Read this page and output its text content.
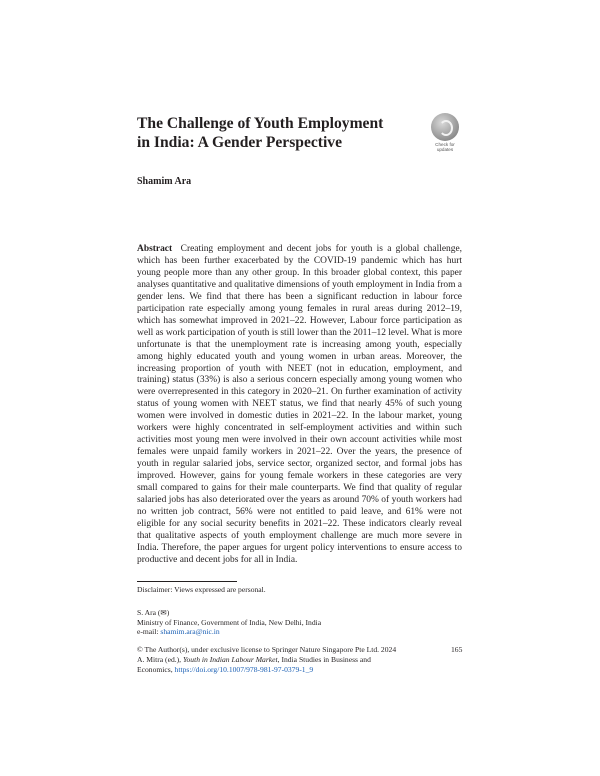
The Challenge of Youth Employment
in India: A Gender Perspective	Check for
updates

Shamim Ara

Abstract Creating employment and decent jobs for youth is a global challenge, which has been further exacerbated by the COVID-19 pandemic which has hurt young people more than any other group. In this broader global context, this paper analyses quantitative and qualitative dimensions of youth employment in India from a gender lens. We find that there has been a significant reduction in labour force participation rate especially among young females in rural areas during 2012–19, which has somewhat improved in 2021–22. However, Labour force participation as well as work participation of youth is still lower than the 2011–12 level. What is more unfortunate is that the unemployment rate is increasing among youth, especially among highly educated youth and young women in urban areas. Moreover, the increasing proportion of youth with NEET (not in education, employment, and training) status (33%) is also a serious concern especially among young women who were overrepresented in this category in 2020–21. On further examination of activity status of young women with NEET status, we find that nearly 45% of such young women were involved in domestic duties in 2021–22. In the labour market, young workers were highly concentrated in self-employment activities and within such activities most young men were involved in their own account activities while most females were unpaid family workers in 2021–22. Over the years, the presence of youth in regular salaried jobs, service sector, organized sector, and formal jobs has improved. However, gains for young female workers in these categories are very small compared to gains for their male counterparts. We find that quality of regular salaried jobs has also deteriorated over the years as around 70% of youth workers had no written job contract, 56% were not entitled to paid leave, and 61% were not eligible for any social security benefits in 2021–22. These indicators clearly reveal that qualitative aspects of youth employment challenge are much more severe in India. Therefore, the paper argues for urgent policy interventions to ensure access to productive and decent jobs for all in India.
Disclaimer: Views expressed are personal.
S. Ara (✉)
Ministry of Finance, Government of India, New Delhi, India
e-mail: shamim.ara@nic.in
© The Author(s), under exclusive license to Springer Nature Singapore Pte Ltd. 2024
A. Mitra (ed.), Youth in Indian Labour Market, India Studies in Business and
Economics, https://doi.org/10.1007/978-981-97-0379-1_9
165
